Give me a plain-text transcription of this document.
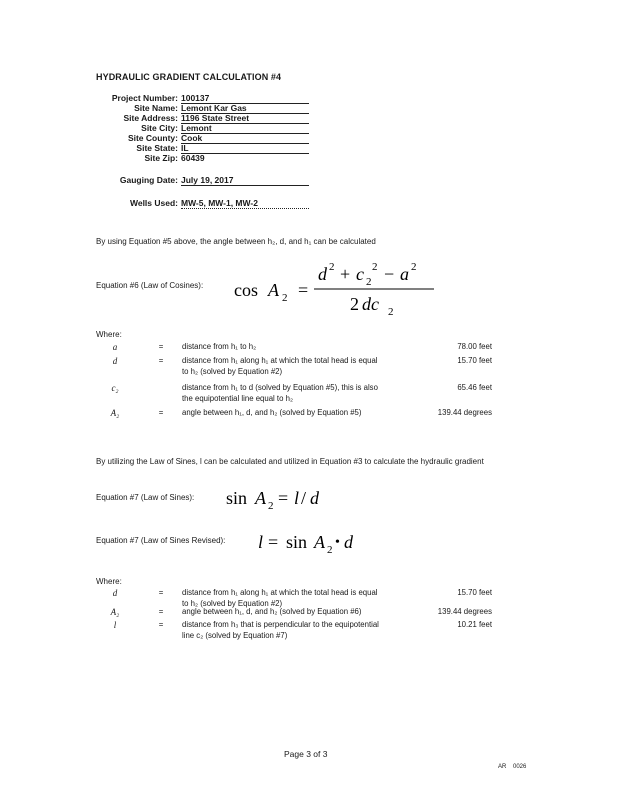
HYDRAULIC GRADIENT CALCULATION #4
Project Number: 100137
Site Name: Lemont Kar Gas
Site Address: 1196 State Street
Site City: Lemont
Site County: Cook
Site State: IL
Site Zip: 60439
Gauging Date: July 19, 2017
Wells Used: MW-5, MW-1, MW-2
By using Equation #5 above, the angle between h₂, d, and h₁ can be calculated
Equation #6 (Law of Cosines): cos A 2 =
d 2 + c 2
2 − a 2
2 dc 2
Where:
a	=	distance from h₁ to h₂	78.00 feet
d	=	distance from h₁ along h₁ at which the total head is equal
to h₂ (solved by Equation #2)
15.70 feet
c₂	distance from h₁ to d (solved by Equation #5), this is also
the equipotential line equal to h₂
65.46 feet
A₂	=	angle between h₁, d, and h₂ (solved by Equation #5)	139.44 degrees
By utilizing the Law of Sines, l can be calculated and utilized in Equation #3 to calculate the hydraulic gradient
Equation #7 (Law of Sines): sin A 2 = l / d
Equation #7 (Law of Sines Revised): l = sin A 2 • d
Where:
d	=	distance from h₁ along h₁ at which the total head is equal
to h₂ (solved by Equation #2)
15.70 feet
A₂	=	angle between h₁, d, and h₂ (solved by Equation #6)	139.44 degrees
l	=	distance from h₃ that is perpendicular to the equipotential
line c₂ (solved by Equation #7)
10.21 feet
Page 3 of 3
AR    0026
